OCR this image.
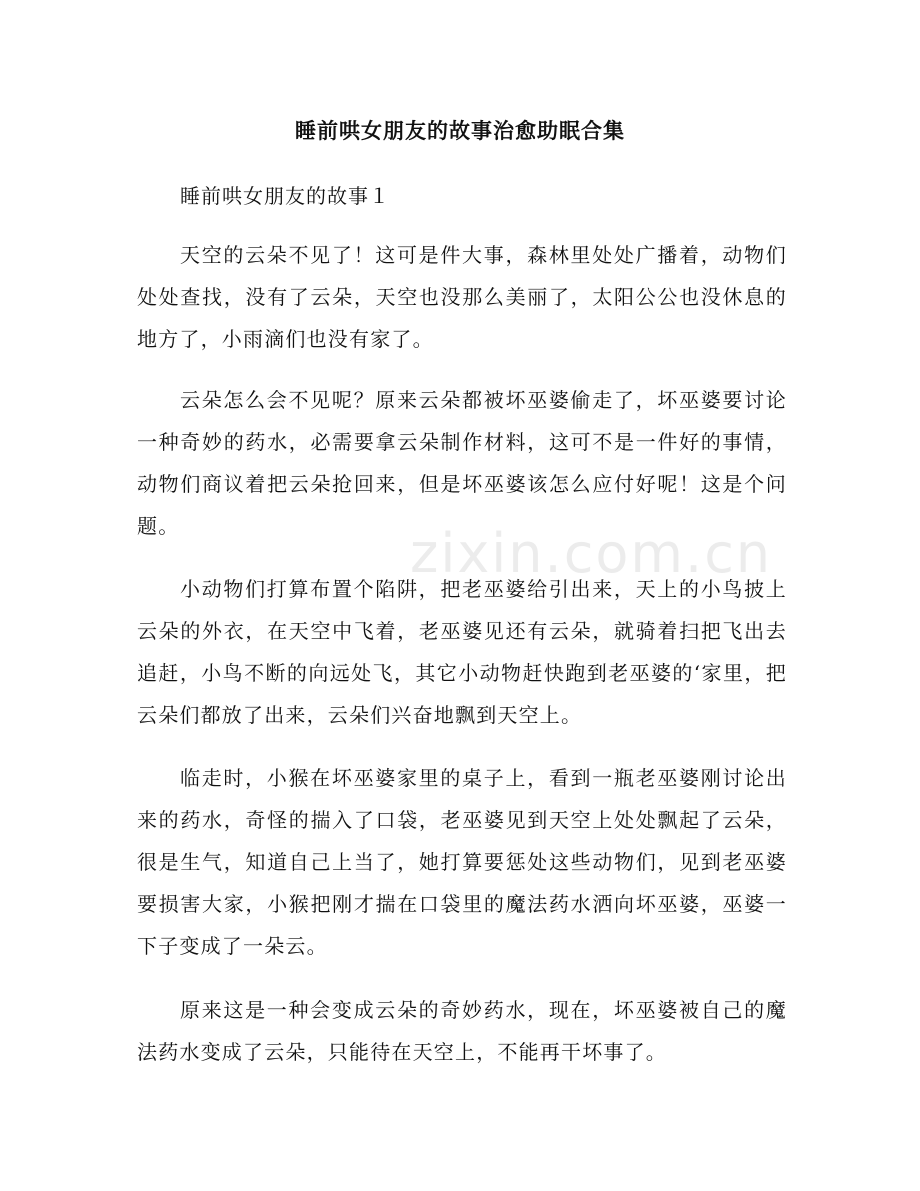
睡前哄女朋友的故事治愈助眠合集
睡前哄女朋友的故事１

天空的云朵不见了！这可是件大事，森林里处处广播着，动物们处处查找，没有了云朵，天空也没那么美丽了，太阳公公也没休息的地方了，小雨滴们也没有家了。

云朵怎么会不见呢？原来云朵都被坏巫婆偷走了，坏巫婆要讨论一种奇妙的药水，必需要拿云朵制作材料，这可不是一件好的事情，动物们商议着把云朵抢回来，但是坏巫婆该怎么应付好呢！这是个问题。

小动物们打算布置个陷阱，把老巫婆给引出来，天上的小鸟披上云朵的外衣，在天空中飞着，老巫婆见还有云朵，就骑着扫把飞出去追赶，小鸟不断的向远处飞，其它小动物赶快跑到老巫婆的‘家里，把云朵们都放了出来，云朵们兴奋地飘到天空上。

临走时，小猴在坏巫婆家里的桌子上，看到一瓶老巫婆刚讨论出来的药水，奇怪的揣入了口袋，老巫婆见到天空上处处飘起了云朵，很是生气，知道自己上当了，她打算要惩处这些动物们，见到老巫婆要损害大家，小猴把刚才揣在口袋里的魔法药水洒向坏巫婆，巫婆一下子变成了一朵云。

原来这是一种会变成云朵的奇妙药水，现在，坏巫婆被自己的魔法药水变成了云朵，只能待在天空上，不能再干坏事了。

zixin.com.cn
